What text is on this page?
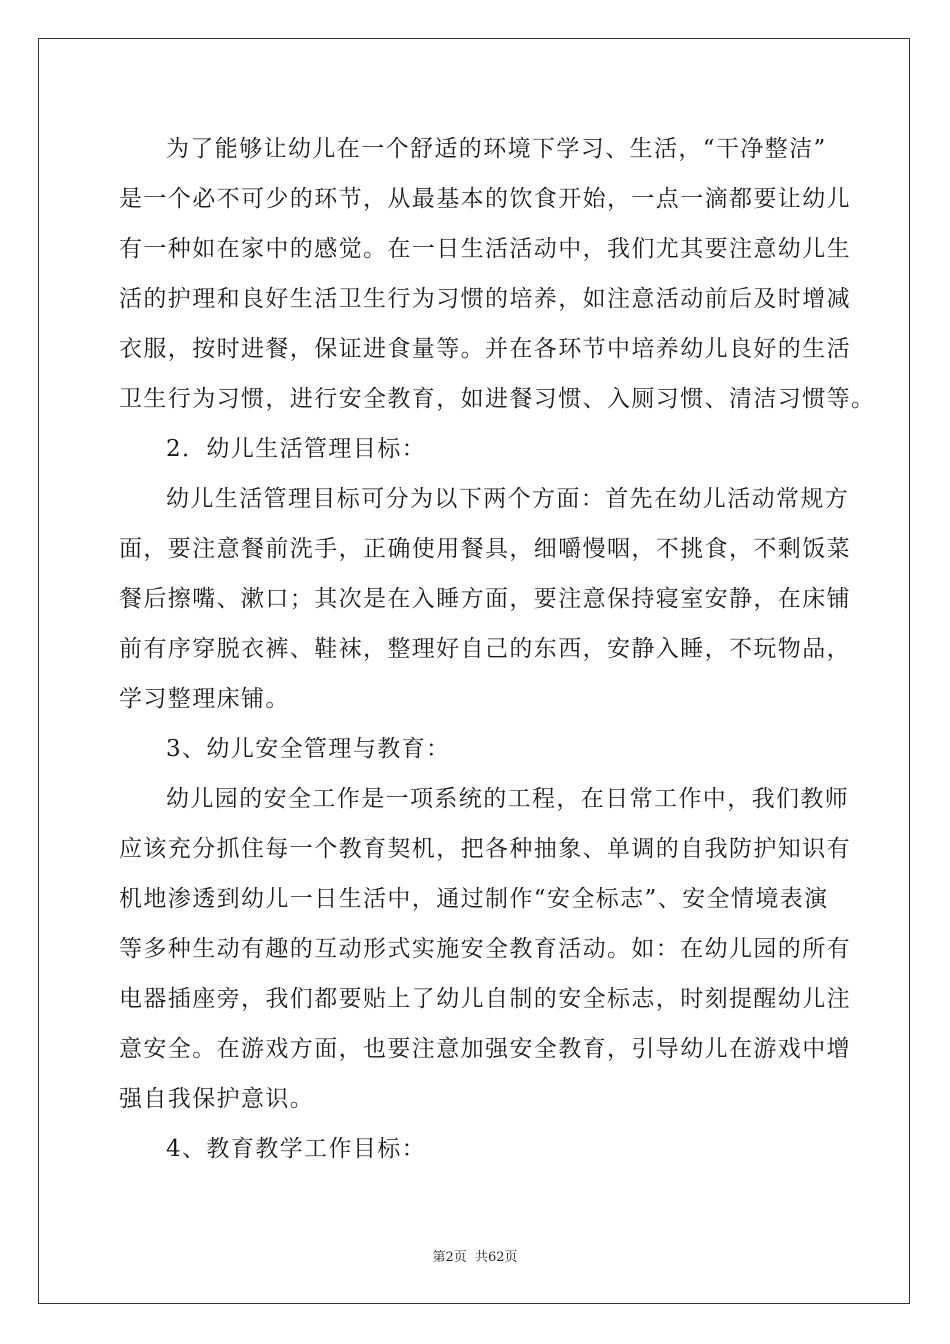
为了能够让幼儿在一个舒适的环境下学习、生活，“干净整洁”
是一个必不可少的环节，从最基本的饮食开始，一点一滴都要让幼儿
有一种如在家中的感觉。在一日生活活动中，我们尤其要注意幼儿生
活的护理和良好生活卫生行为习惯的培养，如注意活动前后及时增减
衣服，按时进餐，保证进食量等。并在各环节中培养幼儿良好的生活
卫生行为习惯，进行安全教育，如进餐习惯、入厕习惯、清洁习惯等。
2．幼儿生活管理目标：
幼儿生活管理目标可分为以下两个方面：首先在幼儿活动常规方
面，要注意餐前洗手，正确使用餐具，细嚼慢咽，不挑食，不剩饭菜
餐后擦嘴、漱口；其次是在入睡方面，要注意保持寝室安静，在床铺
前有序穿脱衣裤、鞋袜，整理好自己的东西，安静入睡，不玩物品，
学习整理床铺。
3、幼儿安全管理与教育：
幼儿园的安全工作是一项系统的工程，在日常工作中，我们教师
应该充分抓住每一个教育契机，把各种抽象、单调的自我防护知识有
机地渗透到幼儿一日生活中，通过制作“安全标志”、安全情境表演
等多种生动有趣的互动形式实施安全教育活动。如：在幼儿园的所有
电器插座旁，我们都要贴上了幼儿自制的安全标志，时刻提醒幼儿注
意安全。在游戏方面，也要注意加强安全教育，引导幼儿在游戏中增
强自我保护意识。
4、教育教学工作目标：
第2页 共62页
